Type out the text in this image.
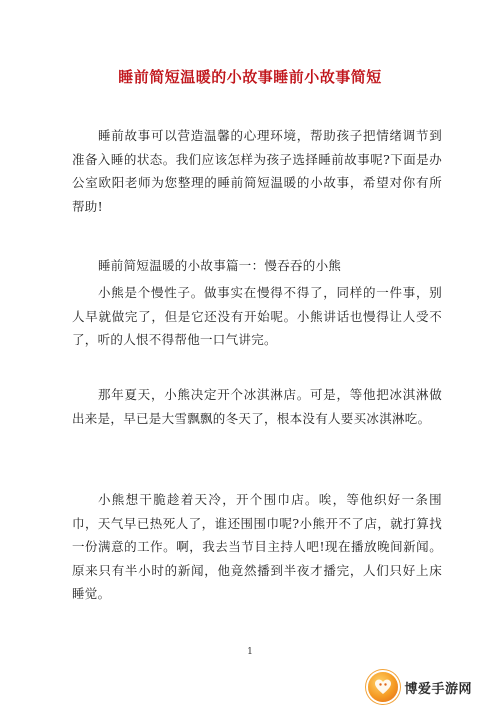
睡前简短温暖的小故事睡前小故事简短

睡前故事可以营造温馨的心理环境，帮助孩子把情绪调节到准备入睡的状态。我们应该怎样为孩子选择睡前故事呢?下面是办公室欧阳老师为您整理的睡前简短温暖的小故事，希望对你有所帮助!

睡前简短温暖的小故事篇一：慢吞吞的小熊

小熊是个慢性子。做事实在慢得不得了，同样的一件事，别人早就做完了，但是它还没有开始呢。小熊讲话也慢得让人受不了，听的人恨不得帮他一口气讲完。

那年夏天，小熊决定开个冰淇淋店。可是，等他把冰淇淋做出来是，早已是大雪飘飘的冬天了，根本没有人要买冰淇淋吃。

小熊想干脆趁着天冷，开个围巾店。唉，等他织好一条围巾，天气早已热死人了，谁还围围巾呢?小熊开不了店，就打算找一份满意的工作。啊，我去当节目主持人吧!现在播放晚间新闻。原来只有半小时的新闻，他竟然播到半夜才播完，人们只好上床睡觉。

1
博爱手游网
